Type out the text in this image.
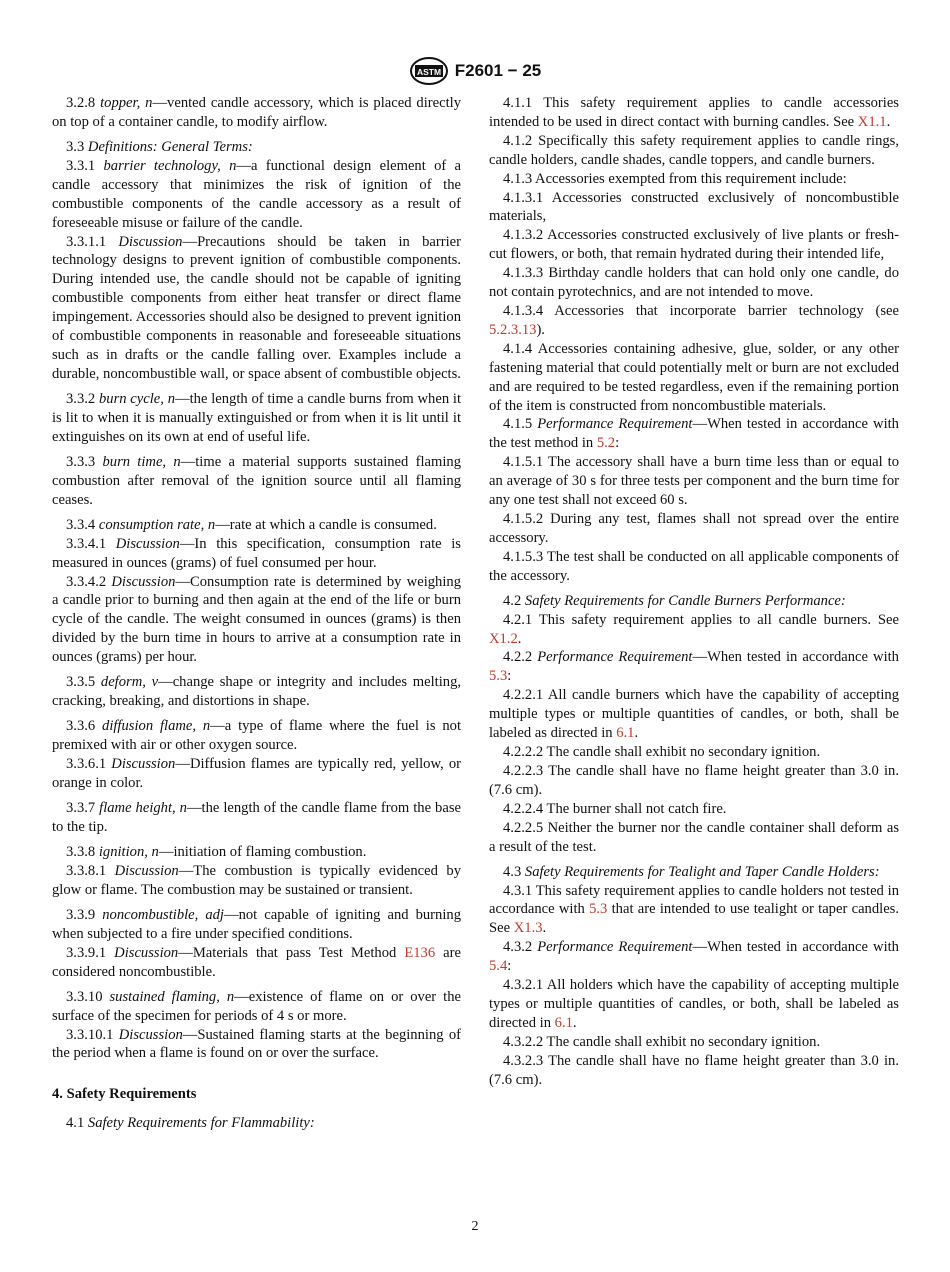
ASTM F2601 − 25

3.2.8 topper, n—vented candle accessory, which is placed directly on top of a container candle, to modify airflow.

3.3 Definitions: General Terms:

3.3.1 barrier technology, n—a functional design element of a candle accessory that minimizes the risk of ignition of the combustible components of the candle accessory as a result of foreseeable misuse or failure of the candle.

3.3.1.1 Discussion—Precautions should be taken in barrier technology designs to prevent ignition of combustible components. During intended use, the candle should not be capable of igniting combustible components from either heat transfer or direct flame impingement. Accessories should also be designed to prevent ignition of combustible components in reasonable and foreseeable situations such as in drafts or the candle falling over. Examples include a durable, noncombustible wall, or space absent of combustible objects.

3.3.2 burn cycle, n—the length of time a candle burns from when it is lit to when it is manually extinguished or from when it is lit until it extinguishes on its own at end of useful life.

3.3.3 burn time, n—time a material supports sustained flaming combustion after removal of the ignition source until all flaming ceases.

3.3.4 consumption rate, n—rate at which a candle is consumed.

3.3.4.1 Discussion—In this specification, consumption rate is measured in ounces (grams) of fuel consumed per hour.

3.3.4.2 Discussion—Consumption rate is determined by weighing a candle prior to burning and then again at the end of the life or burn cycle of the candle. The weight consumed in ounces (grams) is then divided by the burn time in hours to arrive at a consumption rate in ounces (grams) per hour.

3.3.5 deform, v—change shape or integrity and includes melting, cracking, breaking, and distortions in shape.

3.3.6 diffusion flame, n—a type of flame where the fuel is not premixed with air or other oxygen source.

3.3.6.1 Discussion—Diffusion flames are typically red, yellow, or orange in color.

3.3.7 flame height, n—the length of the candle flame from the base to the tip.

3.3.8 ignition, n—initiation of flaming combustion.

3.3.8.1 Discussion—The combustion is typically evidenced by glow or flame. The combustion may be sustained or transient.

3.3.9 noncombustible, adj—not capable of igniting and burning when subjected to a fire under specified conditions.

3.3.9.1 Discussion—Materials that pass Test Method E136 are considered noncombustible.

3.3.10 sustained flaming, n—existence of flame on or over the surface of the specimen for periods of 4 s or more.

3.3.10.1 Discussion—Sustained flaming starts at the beginning of the period when a flame is found on or over the surface.

4. Safety Requirements

4.1 Safety Requirements for Flammability:

4.1.1 This safety requirement applies to candle accessories intended to be used in direct contact with burning candles. See X1.1.

4.1.2 Specifically this safety requirement applies to candle rings, candle holders, candle shades, candle toppers, and candle burners.

4.1.3 Accessories exempted from this requirement include:

4.1.3.1 Accessories constructed exclusively of noncombustible materials,

4.1.3.2 Accessories constructed exclusively of live plants or fresh-cut flowers, or both, that remain hydrated during their intended life,

4.1.3.3 Birthday candle holders that can hold only one candle, do not contain pyrotechnics, and are not intended to move.

4.1.3.4 Accessories that incorporate barrier technology (see 5.2.3.13).

4.1.4 Accessories containing adhesive, glue, solder, or any other fastening material that could potentially melt or burn are not excluded and are required to be tested regardless, even if the remaining portion of the item is constructed from noncombustible materials.

4.1.5 Performance Requirement—When tested in accordance with the test method in 5.2:

4.1.5.1 The accessory shall have a burn time less than or equal to an average of 30 s for three tests per component and the burn time for any one test shall not exceed 60 s.

4.1.5.2 During any test, flames shall not spread over the entire accessory.

4.1.5.3 The test shall be conducted on all applicable components of the accessory.

4.2 Safety Requirements for Candle Burners Performance:

4.2.1 This safety requirement applies to all candle burners. See X1.2.

4.2.2 Performance Requirement—When tested in accordance with 5.3:

4.2.2.1 All candle burners which have the capability of accepting multiple types or multiple quantities of candles, or both, shall be labeled as directed in 6.1.

4.2.2.2 The candle shall exhibit no secondary ignition.

4.2.2.3 The candle shall have no flame height greater than 3.0 in. (7.6 cm).

4.2.2.4 The burner shall not catch fire.

4.2.2.5 Neither the burner nor the candle container shall deform as a result of the test.

4.3 Safety Requirements for Tealight and Taper Candle Holders:

4.3.1 This safety requirement applies to candle holders not tested in accordance with 5.3 that are intended to use tealight or taper candles. See X1.3.

4.3.2 Performance Requirement—When tested in accordance with 5.4:

4.3.2.1 All holders which have the capability of accepting multiple types or multiple quantities of candles, or both, shall be labeled as directed in 6.1.

4.3.2.2 The candle shall exhibit no secondary ignition.

4.3.2.3 The candle shall have no flame height greater than 3.0 in. (7.6 cm).

2
